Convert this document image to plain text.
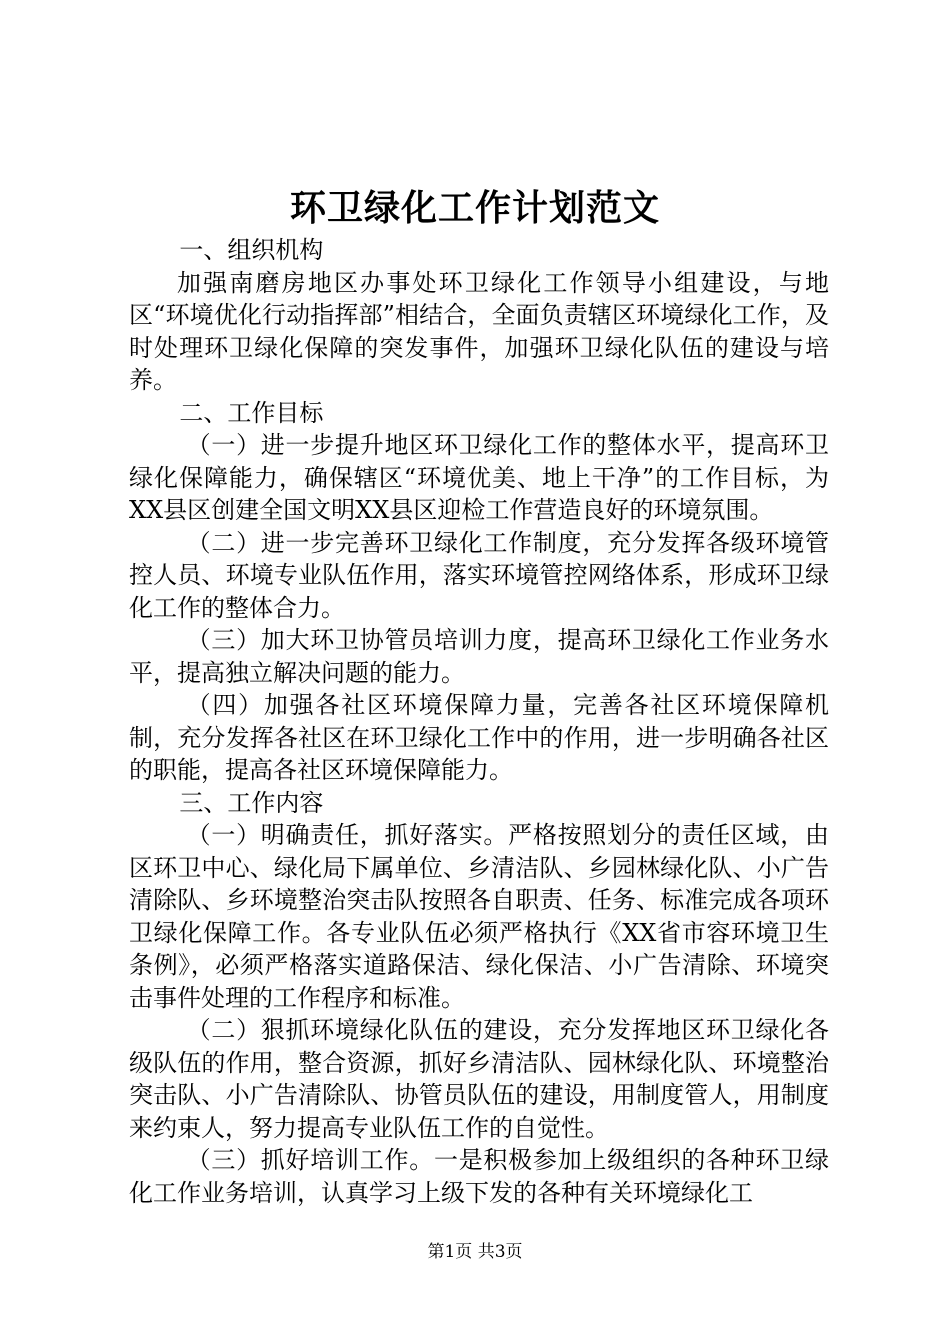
环卫绿化工作计划范文

一、组织机构

加强南磨房地区办事处环卫绿化工作领导小组建设，与地区“环境优化行动指挥部”相结合，全面负责辖区环境绿化工作，及时处理环卫绿化保障的突发事件，加强环卫绿化队伍的建设与培养。

二、工作目标

（一）进一步提升地区环卫绿化工作的整体水平，提高环卫绿化保障能力，确保辖区“环境优美、地上干净”的工作目标，为XX县区创建全国文明XX县区迎检工作营造良好的环境氛围。

（二）进一步完善环卫绿化工作制度，充分发挥各级环境管控人员、环境专业队伍作用，落实环境管控网络体系，形成环卫绿化工作的整体合力。

（三）加大环卫协管员培训力度，提高环卫绿化工作业务水平，提高独立解决问题的能力。

（四）加强各社区环境保障力量，完善各社区环境保障机制，充分发挥各社区在环卫绿化工作中的作用，进一步明确各社区的职能，提高各社区环境保障能力。

三、工作内容

（一）明确责任，抓好落实。严格按照划分的责任区域，由区环卫中心、绿化局下属单位、乡清洁队、乡园林绿化队、小广告清除队、乡环境整治突击队按照各自职责、任务、标准完成各项环卫绿化保障工作。各专业队伍必须严格执行《XX省市容环境卫生条例》，必须严格落实道路保洁、绿化保洁、小广告清除、环境突击事件处理的工作程序和标准。

（二）狠抓环境绿化队伍的建设，充分发挥地区环卫绿化各级队伍的作用，整合资源，抓好乡清洁队、园林绿化队、环境整治突击队、小广告清除队、协管员队伍的建设，用制度管人，用制度来约束人，努力提高专业队伍工作的自觉性。

（三）抓好培训工作。一是积极参加上级组织的各种环卫绿化工作业务培训，认真学习上级下发的各种有关环境绿化工

第1页 共3页
